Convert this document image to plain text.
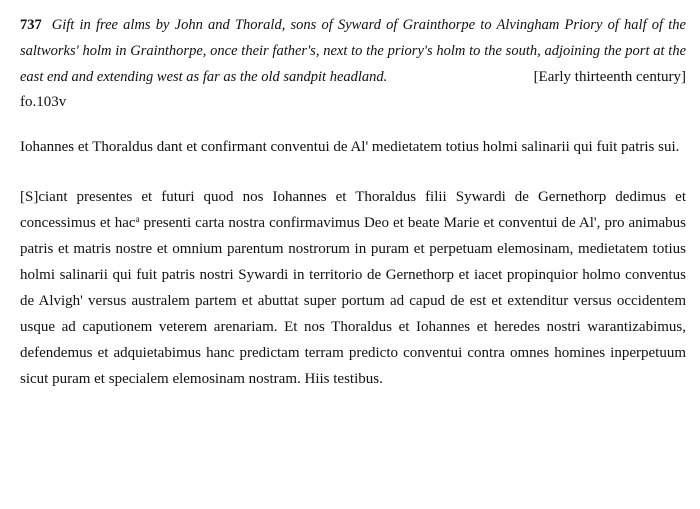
737 Gift in free alms by John and Thorald, sons of Syward of Grainthorpe to Alvingham Priory of half of the saltworks' holm in Grainthorpe, once their father's, next to the priory's holm to the south, adjoining the port at the east end and extending west as far as the old sandpit headland.	[Early thirteenth century]

fo.103v

Iohannes et Thoraldus dant et confirmant conventui de Al' medietatem totius holmi salinarii qui fuit patris sui.

[S]ciant presentes et futuri quod nos Iohannes et Thoraldus filii Sywardi de Gernethorp dedimus et concessimus et hac$^a$ presenti carta nostra confirmavimus Deo et beate Marie et conventui de Al', pro animabus patris et matris nostre et omnium parentum nostrorum in puram et perpetuam elemosinam, medietatem totius holmi salinarii qui fuit patris nostri Sywardi in territorio de Gernethorp et iacet propinquior holmo conventus de Alvigh' versus australem partem et abuttat super portum ad capud de est et extenditur versus occidentem usque ad caputionem veterem arenariam. Et nos Thoraldus et Iohannes et heredes nostri warantizabimus, defendemus et adquietabimus hanc predictam terram predicto conventui contra omnes homines inperpetuum sicut puram et specialem elemosinam nostram. Hiis testibus.
